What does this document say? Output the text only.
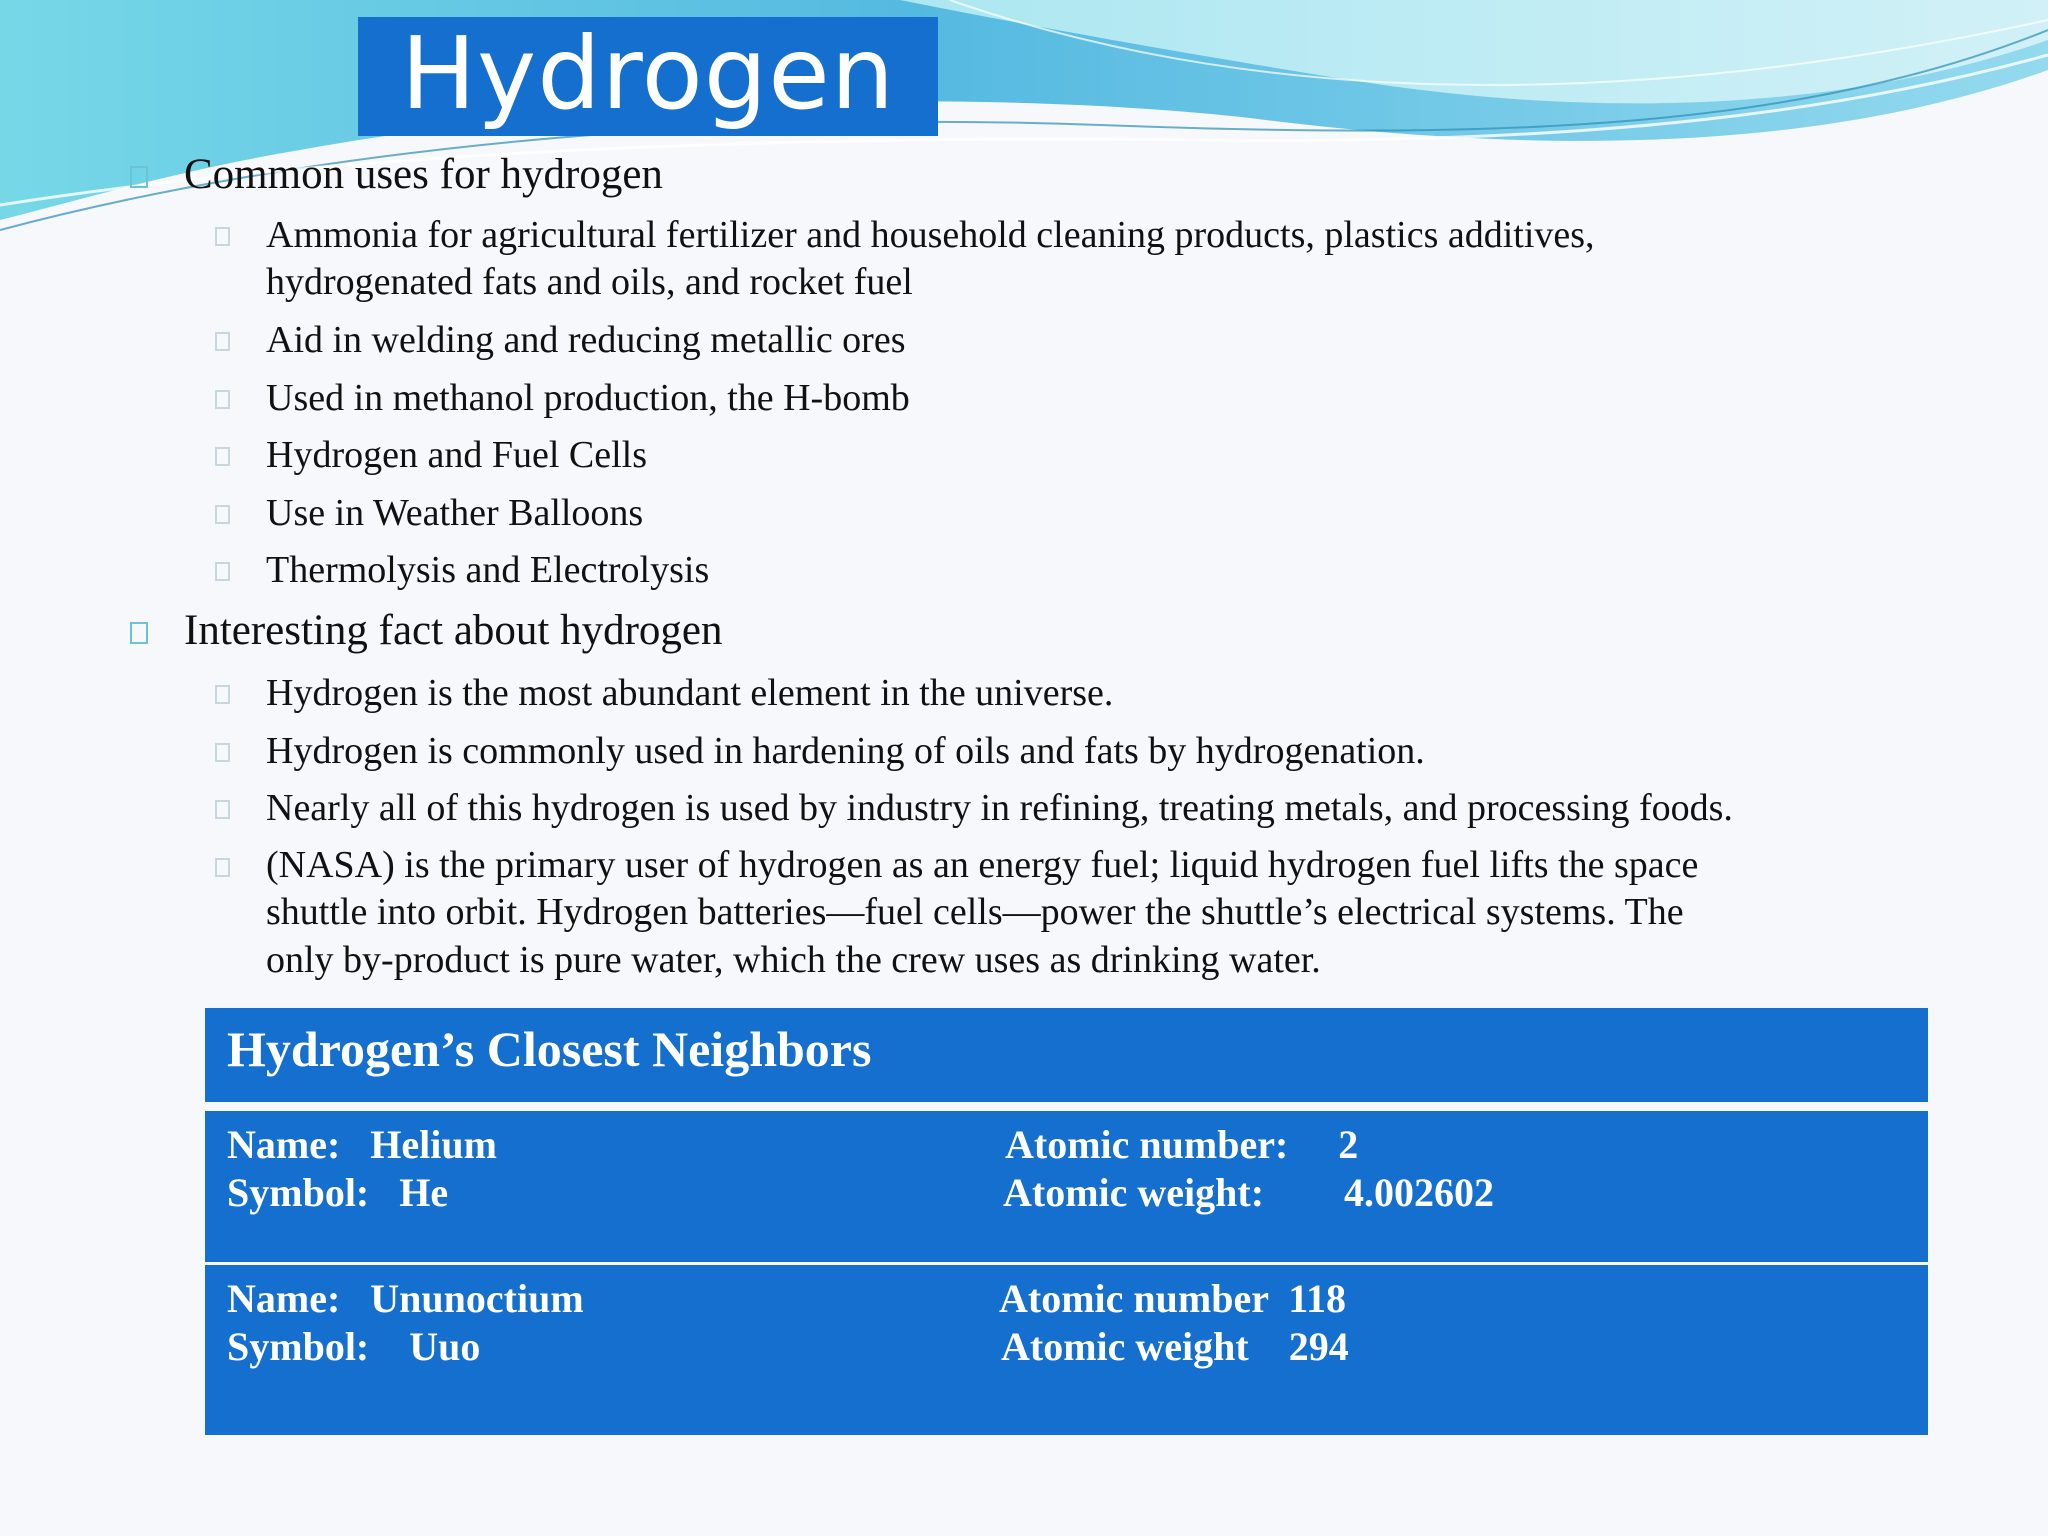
Hydrogen
Common uses for hydrogen
Ammonia for agricultural fertilizer and household cleaning products, plastics additives,
hydrogenated fats and oils, and rocket fuel
Aid in welding and reducing metallic ores
Used in methanol production, the H-bomb
Hydrogen and Fuel Cells
Use in Weather Balloons
Thermolysis and Electrolysis
Interesting fact about hydrogen
Hydrogen is the most abundant element in the universe.
Hydrogen is commonly used in hardening of oils and fats by hydrogenation.
Nearly all of this hydrogen is used by industry in refining, treating metals, and processing foods.
(NASA) is the primary user of hydrogen as an energy fuel; liquid hydrogen fuel lifts the space
shuttle into orbit. Hydrogen batteries—fuel cells—power the shuttle’s electrical systems. The
only by-product is pure water, which the crew uses as drinking water.
Hydrogen’s Closest Neighbors
Name:   Helium
Symbol:   He
Atomic number:     2
Atomic weight:        4.002602
Name:   Ununoctium
Symbol:    Uuo
Atomic number  118
Atomic weight    294
